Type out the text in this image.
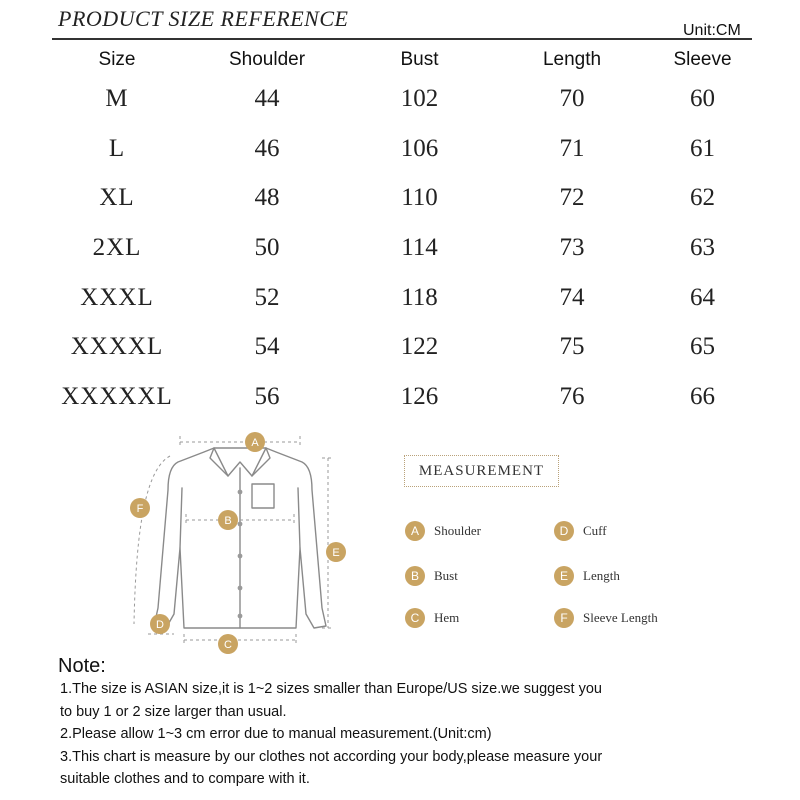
PRODUCT SIZE REFERENCE	Unit:CM
Size	Shoulder	Bust	Length	Sleeve
M	44	102	70	60
L	46	106	71	61
XL	48	110	72	62
2XL	50	114	73	63
XXXL	52	118	74	64
XXXXL	54	122	75	65
XXXXXL	56	126	76	66
A
B
C
D
E
F
MEASUREMENT
A	Shoulder
B	Bust
C	Hem
D	Cuff
E	Length
F	Sleeve Length
Note:
1.The size is ASIAN size,it is 1~2 sizes smaller than Europe/US size.we suggest you
to buy 1 or 2 size larger than usual.
2.Please allow 1~3 cm error due to manual measurement.(Unit:cm)
3.This chart is measure by our clothes not according your body,please measure your
suitable clothes and to compare with it.
